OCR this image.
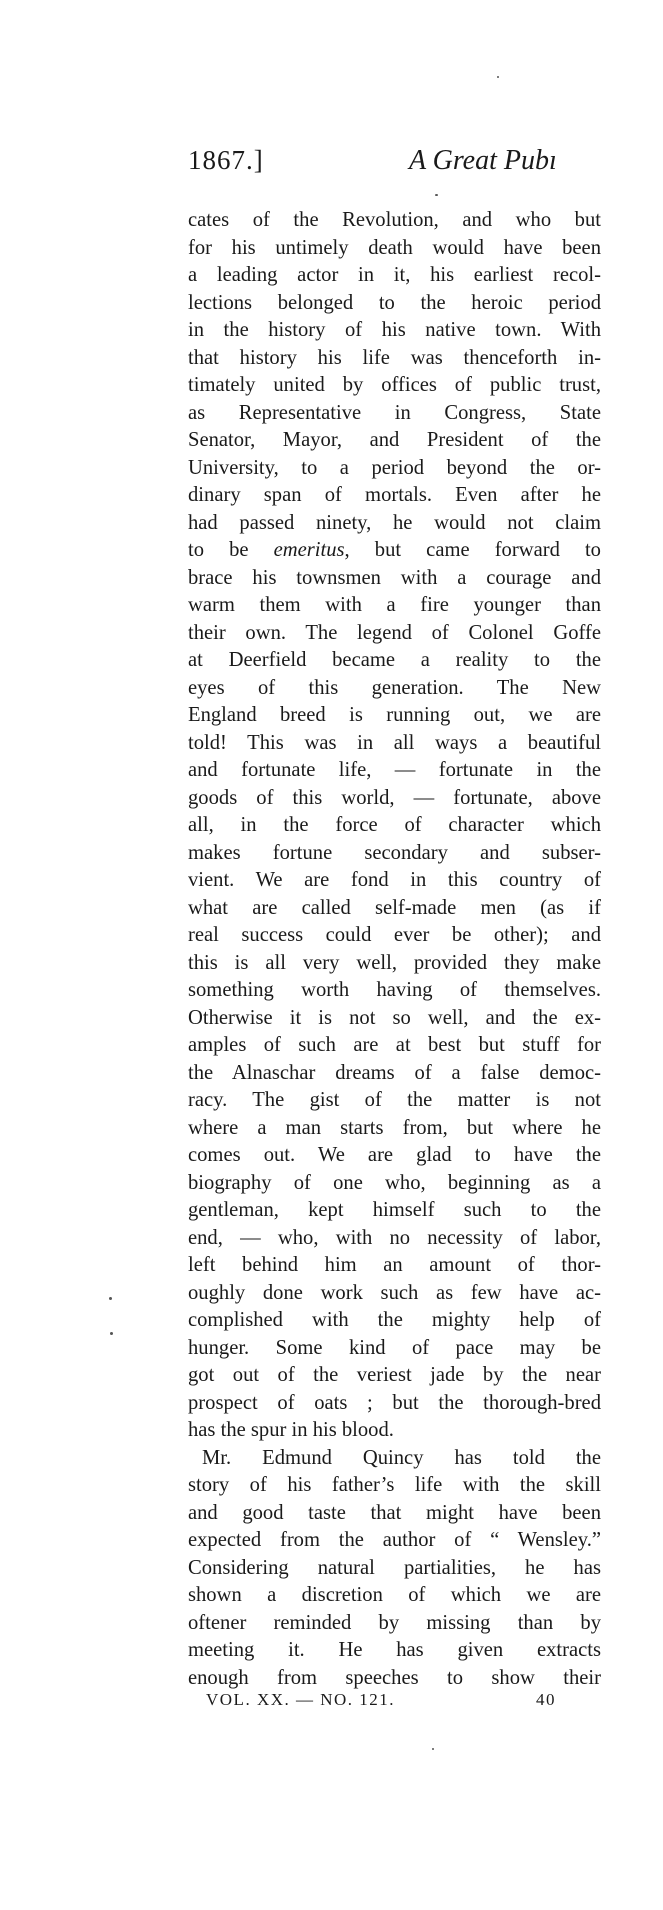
1867.]	A Great Pubı
cates of the Revolution, and who but
for his untimely death would have been
a leading actor in it, his earliest recol-
lections belonged to the heroic period
in the history of his native town. With
that history his life was thenceforth in-
timately united by offices of public trust,
as Representative in Congress, State
Senator, Mayor, and President of the
University, to a period beyond the or-
dinary span of mortals. Even after he
had passed ninety, he would not claim
to be emeritus, but came forward to
brace his townsmen with a courage and
warm them with a fire younger than
their own. The legend of Colonel Goffe
at Deerfield became a reality to the
eyes of this generation. The New
England breed is running out, we are
told! This was in all ways a beautiful
and fortunate life, — fortunate in the
goods of this world, — fortunate, above
all, in the force of character which
makes fortune secondary and subser-
vient. We are fond in this country of
what are called self-made men (as if
real success could ever be other); and
this is all very well, provided they make
something worth having of themselves.
Otherwise it is not so well, and the ex-
amples of such are at best but stuff for
the Alnaschar dreams of a false democ-
racy. The gist of the matter is not
where a man starts from, but where he
comes out. We are glad to have the
biography of one who, beginning as a
gentleman, kept himself such to the
end, — who, with no necessity of labor,
left behind him an amount of thor-
oughly done work such as few have ac-
complished with the mighty help of
hunger. Some kind of pace may be
got out of the veriest jade by the near
prospect of oats ; but the thorough-bred
has the spur in his blood.
Mr. Edmund Quincy has told the
story of his father’s life with the skill
and good taste that might have been
expected from the author of “ Wensley.”
Considering natural partialities, he has
shown a discretion of which we are
oftener reminded by missing than by
meeting it. He has given extracts
enough from speeches to show their
VOL. XX. — NO. 121.	40
